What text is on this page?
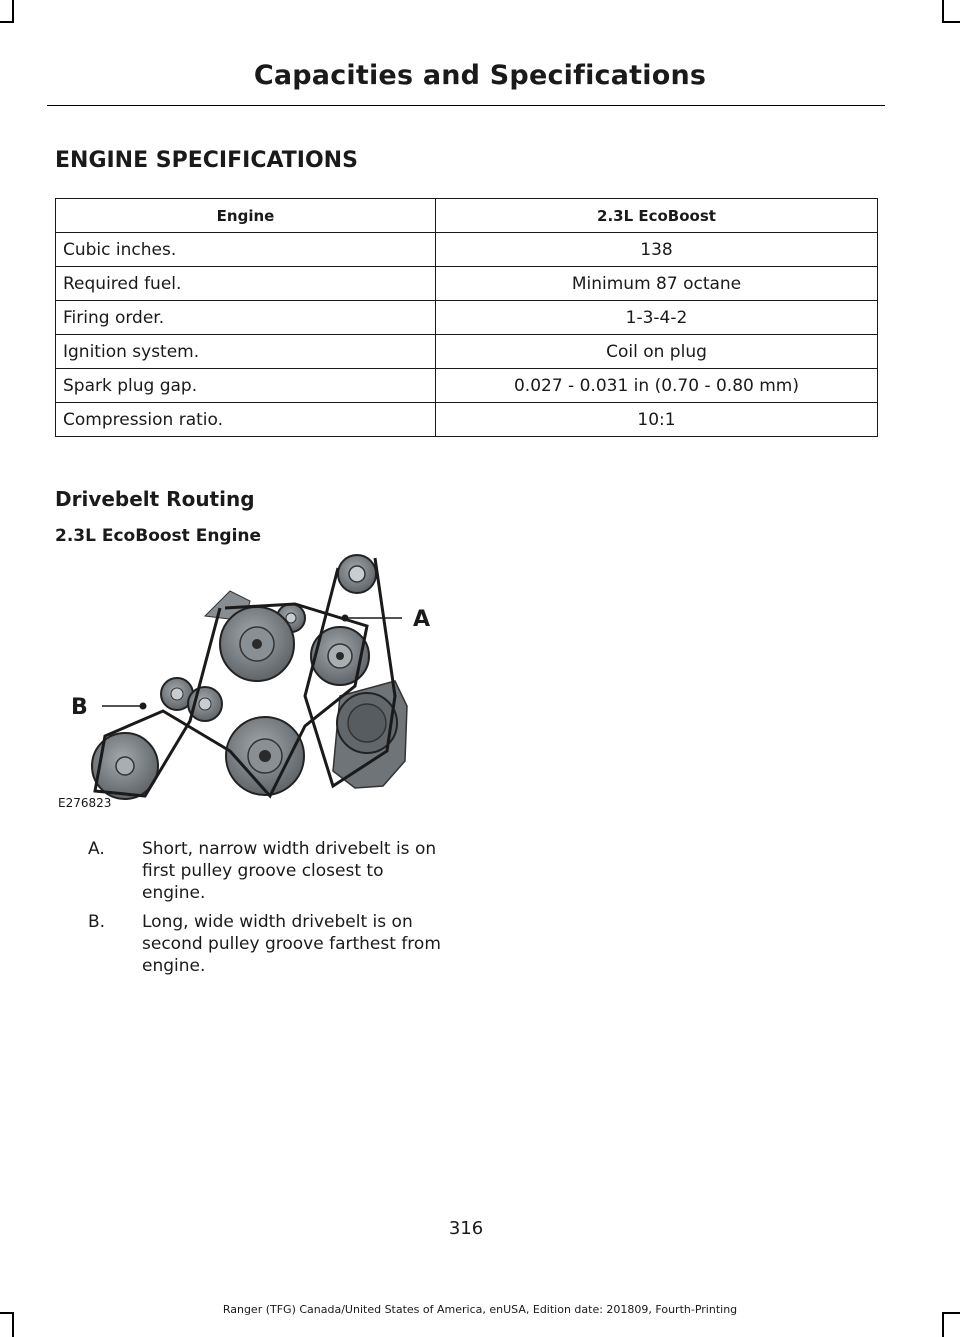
Capacities and Specifications
ENGINE SPECIFICATIONS
Engine	2.3L EcoBoost
Cubic inches.	138
Required fuel.	Minimum 87 octane
Firing order.	1-3-4-2
Ignition system.	Coil on plug
Spark plug gap.	0.027 - 0.031 in (0.70 - 0.80 mm)
Compression ratio.	10:1
Drivebelt Routing
2.3L EcoBoost Engine
A
B
E276823
A.	Short, narrow width drivebelt is on first pulley groove closest to engine.
B.	Long, wide width drivebelt is on second pulley groove farthest from engine.
316
Ranger (TFG) Canada/United States of America, enUSA, Edition date: 201809, Fourth-Printing
